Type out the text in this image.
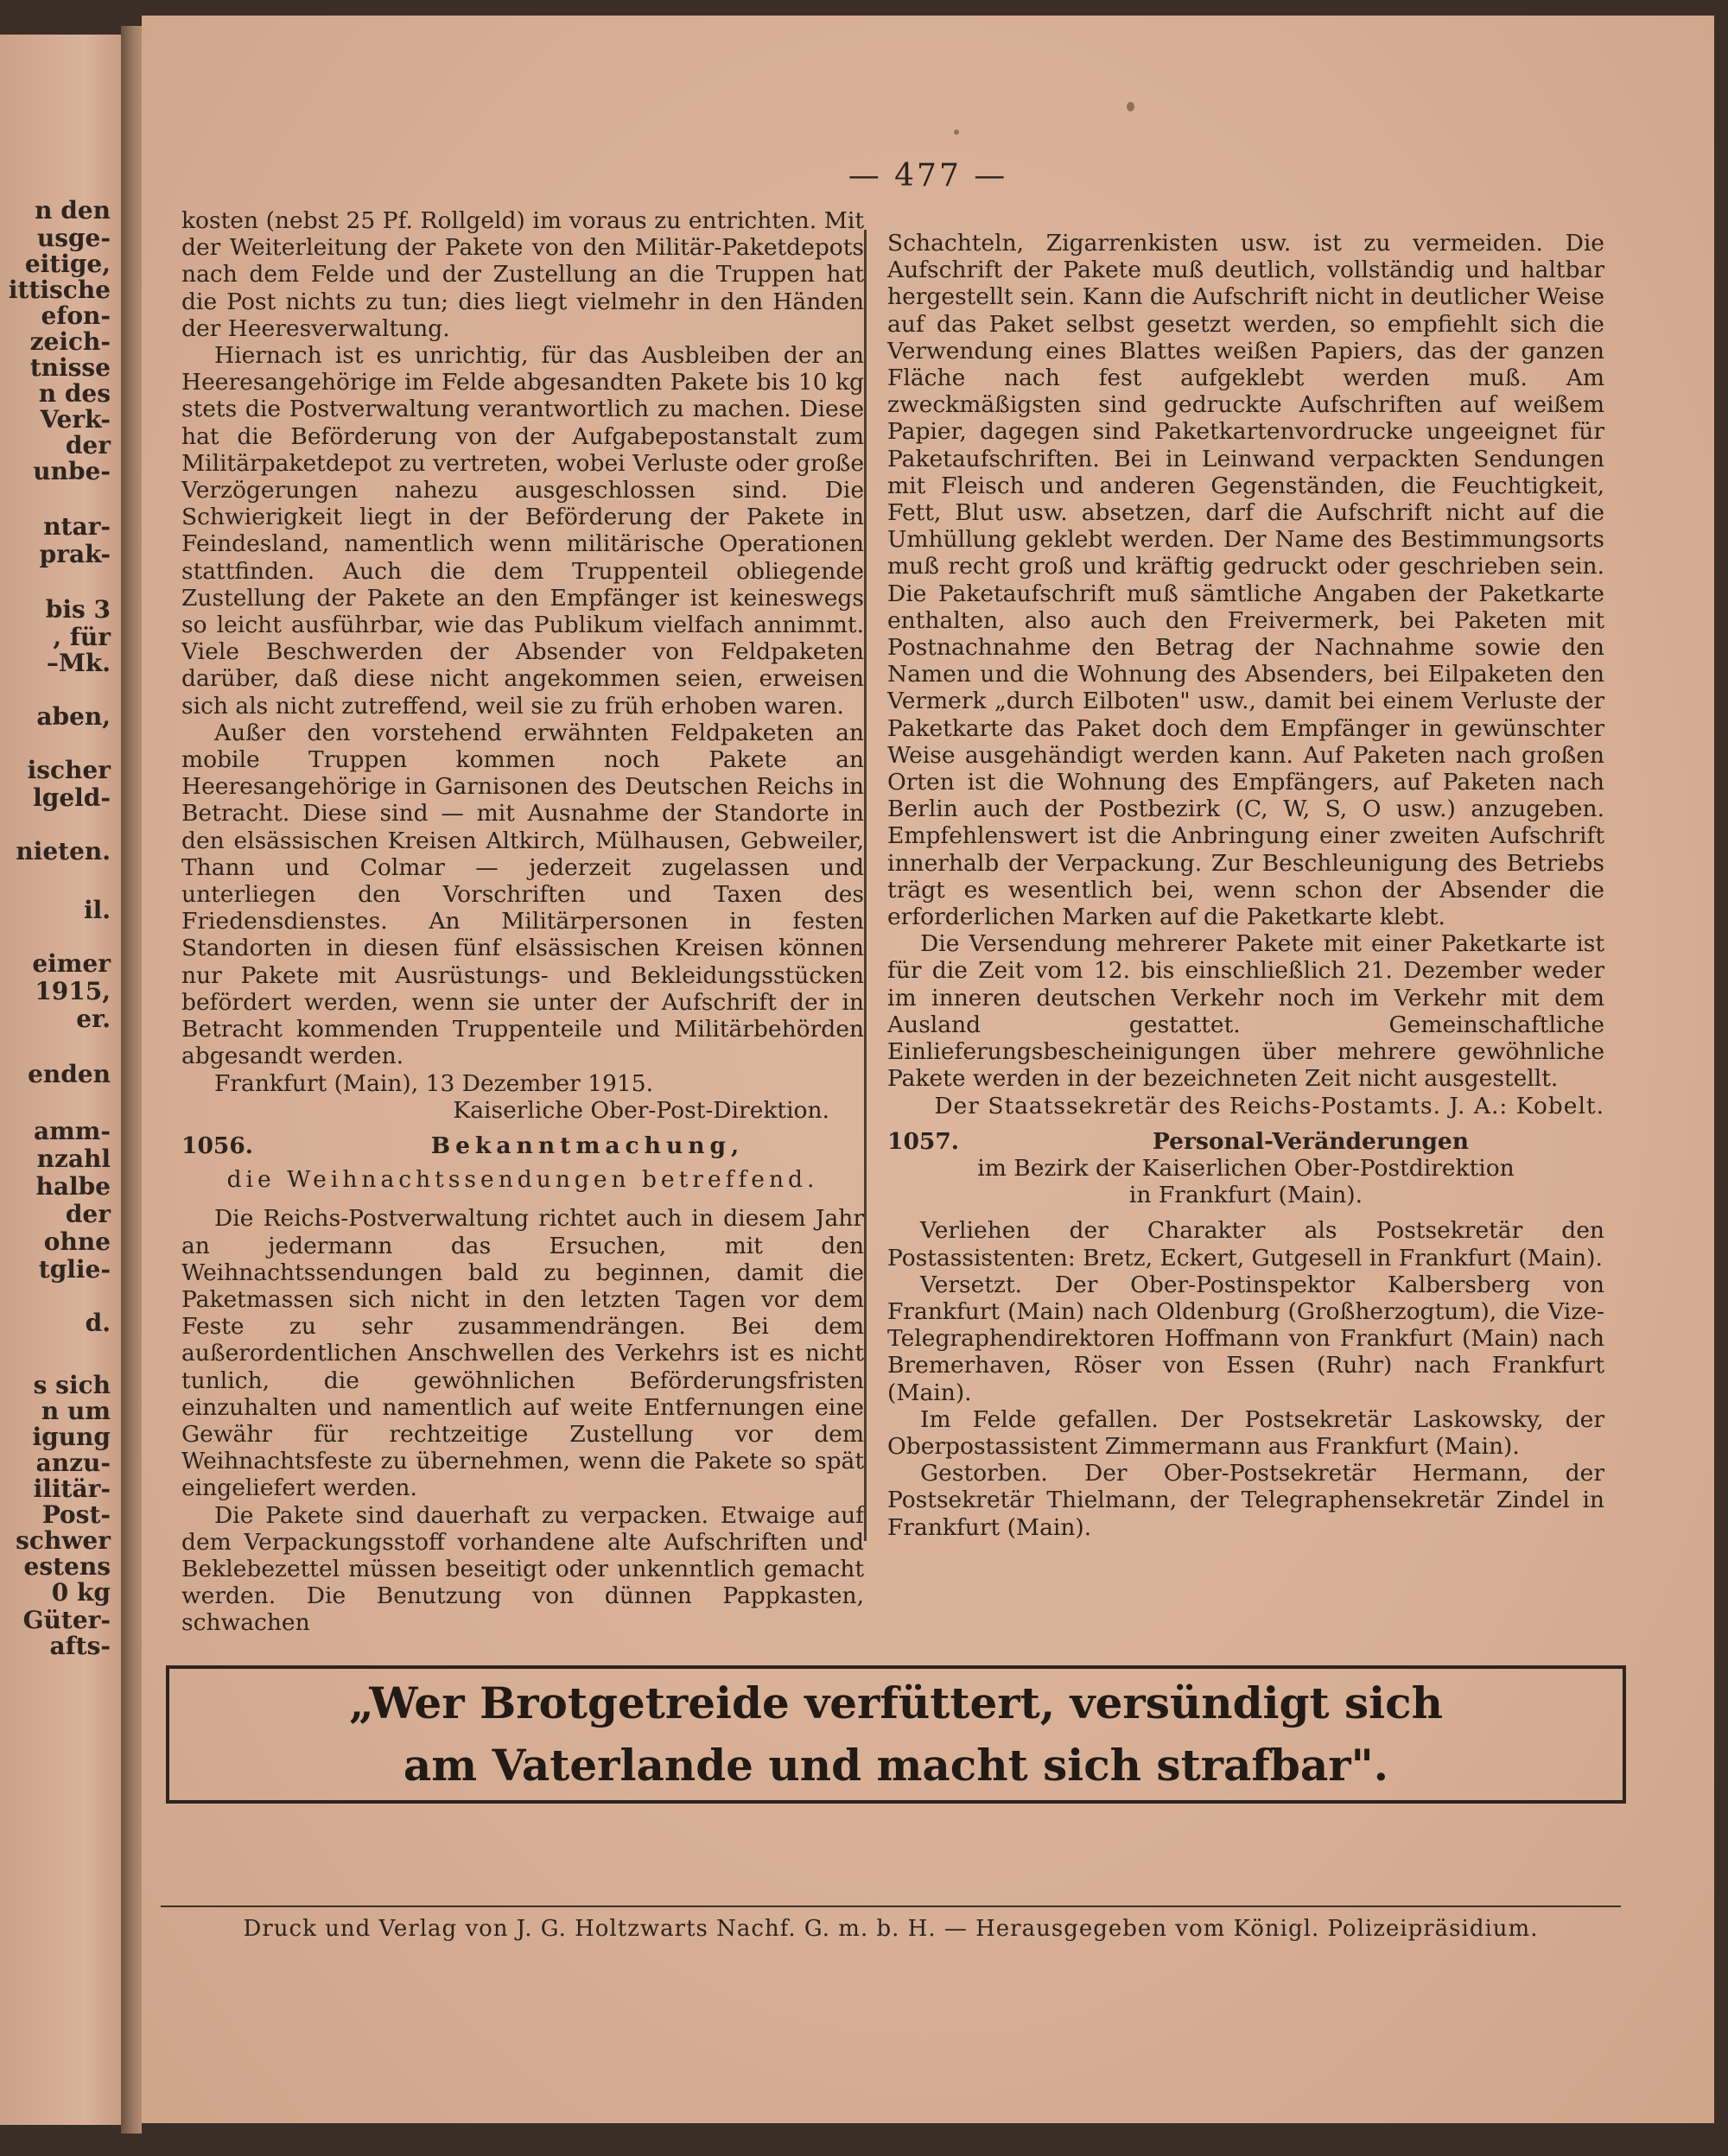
n den
usge-
eitige,
ittische
efon-
zeich-
tnisse
n des
Verk-
der
unbe-
ntar-
prak-
bis 3
, für
–Mk.
aben,
ischer
lgeld-
nieten.
il.
eimer
1915,
er.
enden
amm-
nzahl
halbe
der
ohne
tglie-
d.
s sich
n um
igung
anzu-
ilitär-
Post-
schwer
estens
0 kg
Güter-
afts-
— 477 —

kosten (nebst 25 Pf. Rollgeld) im voraus zu entrichten. Mit der Weiterleitung der Pakete von den Militär-Paketdepots nach dem Felde und der Zustellung an die Truppen hat die Post nichts zu tun; dies liegt vielmehr in den Händen der Heeresverwaltung.

Hiernach ist es unrichtig, für das Ausbleiben der an Heeresangehörige im Felde abgesandten Pakete bis 10 kg stets die Postverwaltung verantwortlich zu machen. Diese hat die Beförderung von der Aufgabepostanstalt zum Militärpaketdepot zu vertreten, wobei Verluste oder große Verzögerungen nahezu ausgeschlossen sind. Die Schwierigkeit liegt in der Beförderung der Pakete in Feindesland, namentlich wenn militärische Operationen stattfinden. Auch die dem Truppenteil obliegende Zustellung der Pakete an den Empfänger ist keineswegs so leicht ausführbar, wie das Publikum vielfach annimmt. Viele Beschwerden der Absender von Feldpaketen darüber, daß diese nicht angekommen seien, erweisen sich als nicht zutreffend, weil sie zu früh erhoben waren.

Außer den vorstehend erwähnten Feldpaketen an mobile Truppen kommen noch Pakete an Heeresangehörige in Garnisonen des Deutschen Reichs in Betracht. Diese sind — mit Ausnahme der Standorte in den elsässischen Kreisen Altkirch, Mülhausen, Gebweiler, Thann und Colmar — jederzeit zugelassen und unterliegen den Vorschriften und Taxen des Friedensdienstes. An Militärpersonen in festen Standorten in diesen fünf elsässischen Kreisen können nur Pakete mit Ausrüstungs- und Bekleidungsstücken befördert werden, wenn sie unter der Aufschrift der in Betracht kommenden Truppenteile und Militärbehörden abgesandt werden.

Frankfurt (Main), 13 Dezember 1915.

Kaiserliche Ober-Post-Direktion.

1056.	Bekanntmachung,

die Weihnachtssendungen betreffend.

Die Reichs-Postverwaltung richtet auch in diesem Jahr an jedermann das Ersuchen, mit den Weihnachtssendungen bald zu beginnen, damit die Paketmassen sich nicht in den letzten Tagen vor dem Feste zu sehr zusammendrängen. Bei dem außerordentlichen Anschwellen des Verkehrs ist es nicht tunlich, die gewöhnlichen Beförderungsfristen einzuhalten und namentlich auf weite Entfernungen eine Gewähr für rechtzeitige Zustellung vor dem Weihnachtsfeste zu übernehmen, wenn die Pakete so spät eingeliefert werden.

Die Pakete sind dauerhaft zu verpacken. Etwaige auf dem Verpackungsstoff vorhandene alte Aufschriften und Beklebezettel müssen beseitigt oder unkenntlich gemacht werden. Die Benutzung von dünnen Pappkasten, schwachen

Schachteln, Zigarrenkisten usw. ist zu vermeiden. Die Aufschrift der Pakete muß deutlich, vollständig und haltbar hergestellt sein. Kann die Aufschrift nicht in deutlicher Weise auf das Paket selbst gesetzt werden, so empfiehlt sich die Verwendung eines Blattes weißen Papiers, das der ganzen Fläche nach fest aufgeklebt werden muß. Am zweckmäßigsten sind gedruckte Aufschriften auf weißem Papier, dagegen sind Paketkartenvordrucke ungeeignet für Paketaufschriften. Bei in Leinwand verpackten Sendungen mit Fleisch und anderen Gegenständen, die Feuchtigkeit, Fett, Blut usw. absetzen, darf die Aufschrift nicht auf die Umhüllung geklebt werden. Der Name des Bestimmungsorts muß recht groß und kräftig gedruckt oder geschrieben sein. Die Paketaufschrift muß sämtliche Angaben der Paketkarte enthalten, also auch den Freivermerk, bei Paketen mit Postnachnahme den Betrag der Nachnahme sowie den Namen und die Wohnung des Absenders, bei Eilpaketen den Vermerk „durch Eilboten" usw., damit bei einem Verluste der Paketkarte das Paket doch dem Empfänger in gewünschter Weise ausgehändigt werden kann. Auf Paketen nach großen Orten ist die Wohnung des Empfängers, auf Paketen nach Berlin auch der Postbezirk (C, W, S, O usw.) anzugeben. Empfehlenswert ist die Anbringung einer zweiten Aufschrift innerhalb der Verpackung. Zur Beschleunigung des Betriebs trägt es wesentlich bei, wenn schon der Absender die erforderlichen Marken auf die Paketkarte klebt.

Die Versendung mehrerer Pakete mit einer Paketkarte ist für die Zeit vom 12. bis einschließlich 21. Dezember weder im inneren deutschen Verkehr noch im Verkehr mit dem Ausland gestattet. Gemeinschaftliche Einlieferungsbescheinigungen über mehrere gewöhnliche Pakete werden in der bezeichneten Zeit nicht ausgestellt.

Der Staatssekretär des Reichs-Postamts. J. A.: Kobelt.

1057.	Personal-Veränderungen

im Bezirk der Kaiserlichen Ober-Postdirektion

in Frankfurt (Main).

Verliehen der Charakter als Postsekretär den Postassistenten: Bretz, Eckert, Gutgesell in Frankfurt (Main).

Versetzt. Der Ober-Postinspektor Kalbersberg von Frankfurt (Main) nach Oldenburg (Großherzogtum), die Vize-Telegraphendirektoren Hoffmann von Frankfurt (Main) nach Bremerhaven, Röser von Essen (Ruhr) nach Frankfurt (Main).

Im Felde gefallen. Der Postsekretär Laskowsky, der Oberpostassistent Zimmermann aus Frankfurt (Main).

Gestorben. Der Ober-Postsekretär Hermann, der Postsekretär Thielmann, der Telegraphensekretär Zindel in Frankfurt (Main).

„Wer Brotgetreide verfüttert, versündigt sich
am Vaterlande und macht sich strafbar".
Druck und Verlag von J. G. Holtzwarts Nachf. G. m. b. H. — Herausgegeben vom Königl. Polizeipräsidium.
